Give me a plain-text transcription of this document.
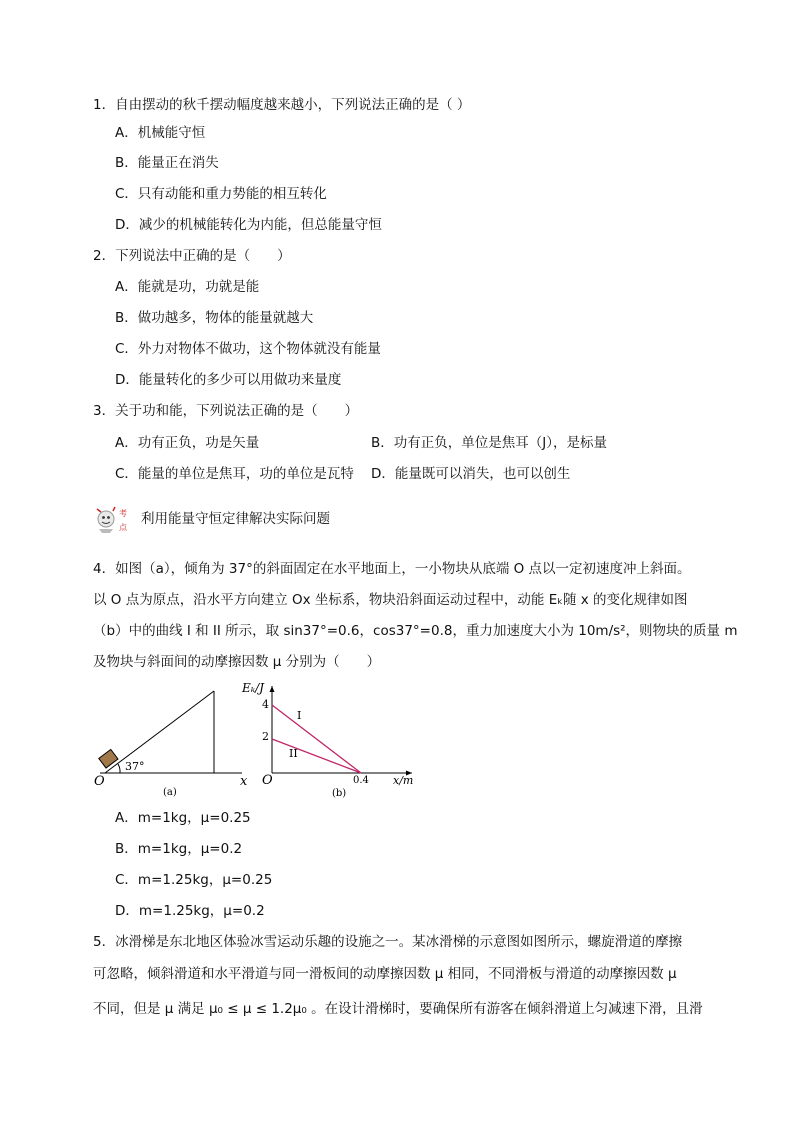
1．自由摆动的秋千摆动幅度越来越小，下列说法正确的是（ ）
A．机械能守恒
B．能量正在消失
C．只有动能和重力势能的相互转化
D．减少的机械能转化为内能，但总能量守恒
2．下列说法中正确的是（　　）
A．能就是功，功就是能
B．做功越多，物体的能量就越大
C．外力对物体不做功，这个物体就没有能量
D．能量转化的多少可以用做功来量度
3．关于功和能，下列说法正确的是（　　）
A．功有正负，功是矢量	B．功有正负，单位是焦耳（J），是标量
C．能量的单位是焦耳，功的单位是瓦特 D．能量既可以消失，也可以创生
考
点
利用能量守恒定律解决实际问题
4．如图（a），倾角为 37°的斜面固定在水平地面上，一小物块从底端 O 点以一定初速度冲上斜面。
以 O 点为原点，沿水平方向建立 Ox 坐标系，物块沿斜面运动过程中，动能 Eₖ随 x 的变化规律如图
（b）中的曲线 I 和 II 所示，取 sin37°=0.6，cos37°=0.8，重力加速度大小为 10m/s²，则物块的质量 m
及物块与斜面间的动摩擦因数 μ 分别为（　　）
37°
O	x
(a)
Eₖ/J
x/m
O
4
2
0.4
I
II
(b)
A．m=1kg，μ=0.25
B．m=1kg，μ=0.2
C．m=1.25kg，μ=0.25
D．m=1.25kg，μ=0.2
5．冰滑梯是东北地区体验冰雪运动乐趣的设施之一。某冰滑梯的示意图如图所示，螺旋滑道的摩擦
可忽略，倾斜滑道和水平滑道与同一滑板间的动摩擦因数 μ 相同，不同滑板与滑道的动摩擦因数 μ
不同，但是 μ 满足 μ₀ ≤ μ ≤ 1.2μ₀ 。在设计滑梯时，要确保所有游客在倾斜滑道上匀减速下滑，且滑
